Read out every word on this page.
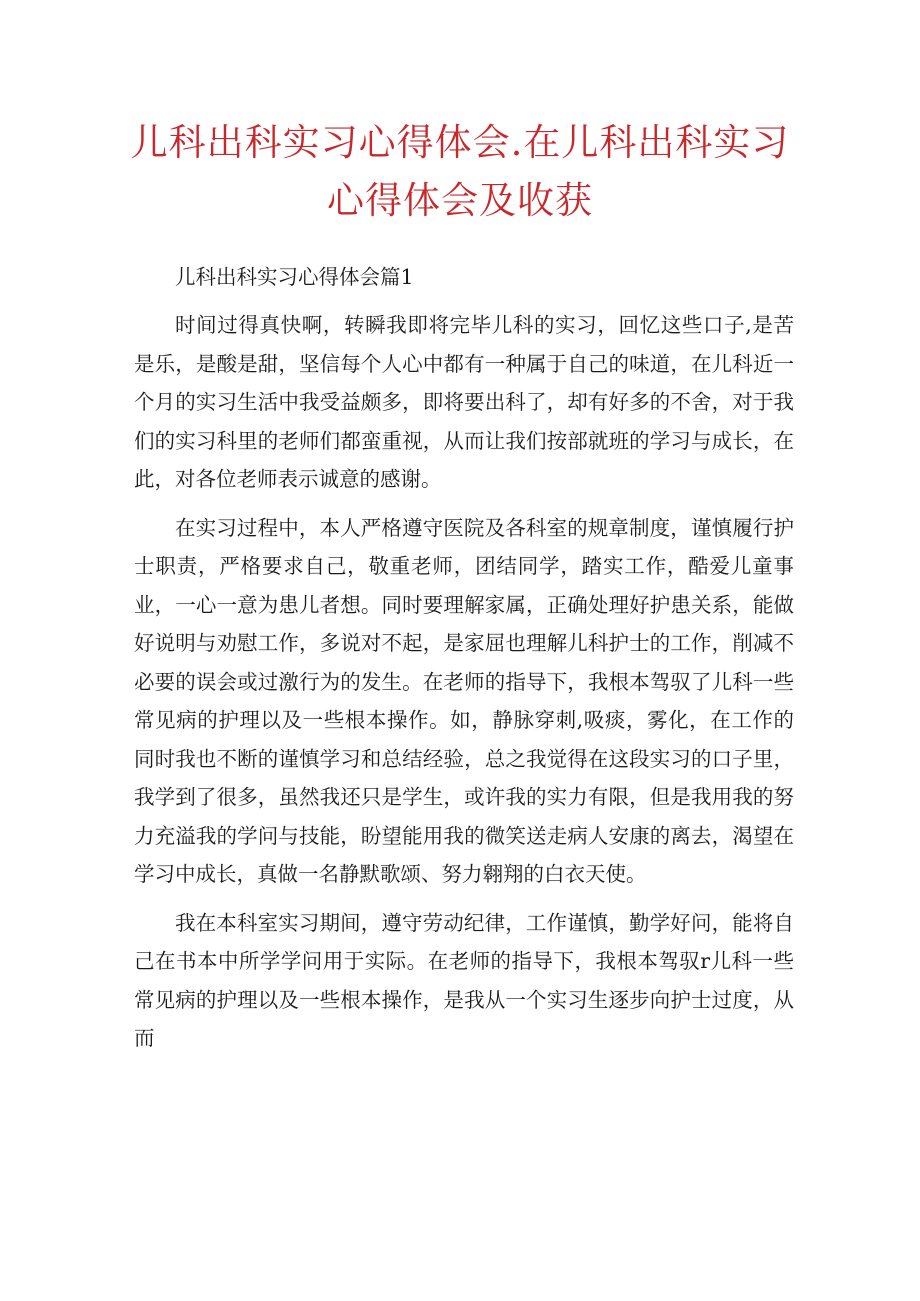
儿科出科实习心得体会.在儿科出科实习心得体会及收获

儿科出科实习心得体会篇1

时间过得真快啊，转瞬我即将完毕儿科的实习，回忆这些口子,是苦是乐，是酸是甜，坚信每个人心中都有一种属于自己的味道，在儿科近一个月的实习生活中我受益颇多，即将要出科了，却有好多的不舍，对于我们的实习科里的老师们都蛮重视，从而让我们按部就班的学习与成长，在此，对各位老师表示诚意的感谢。

在实习过程中，本人严格遵守医院及各科室的规章制度，谨慎履行护士职责，严格要求自己，敬重老师，团结同学，踏实工作，酷爱儿童事业，一心一意为患儿者想。同时要理解家属，正确处理好护患关系，能做好说明与劝慰工作，多说对不起，是家屈也理解儿科护士的工作，削减不必要的误会或过激行为的发生。在老师的指导下，我根本驾驭了儿科一些常见病的护理以及一些根本操作。如，静脉穿刺,吸痰，雾化，在工作的同时我也不断的谨慎学习和总结经验，总之我觉得在这段实习的口子里，我学到了很多，虽然我还只是学生，或许我的实力有限，但是我用我的努力充溢我的学问与技能，盼望能用我的微笑送走病人安康的离去，渴望在学习中成长，真做一名静默歌颂、努力翱翔的白衣天使。

我在本科室实习期间，遵守劳动纪律，工作谨慎，勤学好问，能将自己在书本中所学学问用于实际。在老师的指导下，我根本驾驭r儿科一些常见病的护理以及一些根本操作，是我从一个实习生逐步向护士过度，从而
